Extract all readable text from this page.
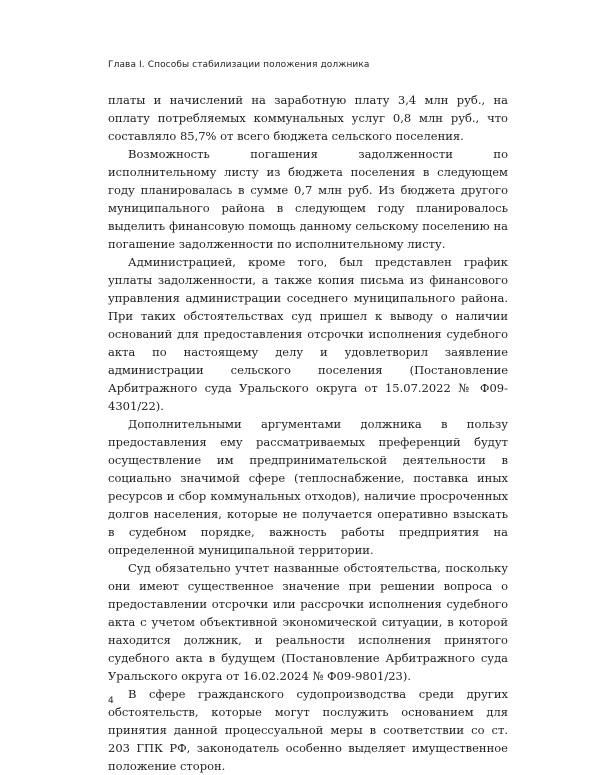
Глава I. Способы стабилизации положения должника

платы и начислений на заработную плату 3,4 млн руб., на оплату потребляемых коммунальных услуг 0,8 млн руб., что составляло 85,7% от всего бюджета сельского поселения.

Возможность погашения задолженности по исполнительному листу из бюджета поселения в следующем году планировалась в сумме 0,7 млн руб. Из бюджета другого муниципального района в следующем году планировалось выделить финансовую помощь данному сельскому поселению на погашение задолженности по исполнительному листу.

Администрацией, кроме того, был представлен график уплаты задолженности, а также копия письма из финансового управления администрации соседнего муниципального района. При таких обстоятельствах суд пришел к выводу о наличии оснований для предоставления отсрочки исполнения судебного акта по настоящему делу и удовлетворил заявление администрации сельского поселения (Постановление Арбитражного суда Уральского округа от 15.07.2022 № Ф09-4301/22).

Дополнительными аргументами должника в пользу предоставления ему рассматриваемых преференций будут осуществление им предпринимательской деятельности в социально значимой сфере (теплоснабжение, поставка иных ресурсов и сбор коммунальных отходов), наличие просроченных долгов населения, которые не получается оперативно взыскать в судебном порядке, важность работы предприятия на определенной муниципальной территории.

Суд обязательно учтет названные обстоятельства, поскольку они имеют существенное значение при решении вопроса о предоставлении отсрочки или рассрочки исполнения судебного акта с учетом объективной экономической ситуации, в которой находится должник, и реальности исполнения принятого судебного акта в будущем (Постановление Арбитражного суда Уральского округа от 16.02.2024 № Ф09-9801/23).

В сфере гражданского судопроизводства среди других обстоятельств, которые могут послужить основанием для принятия данной процессуальной меры в соответствии со ст. 203 ГПК РФ, законодатель особенно выделяет имущественное положение сторон.

4
